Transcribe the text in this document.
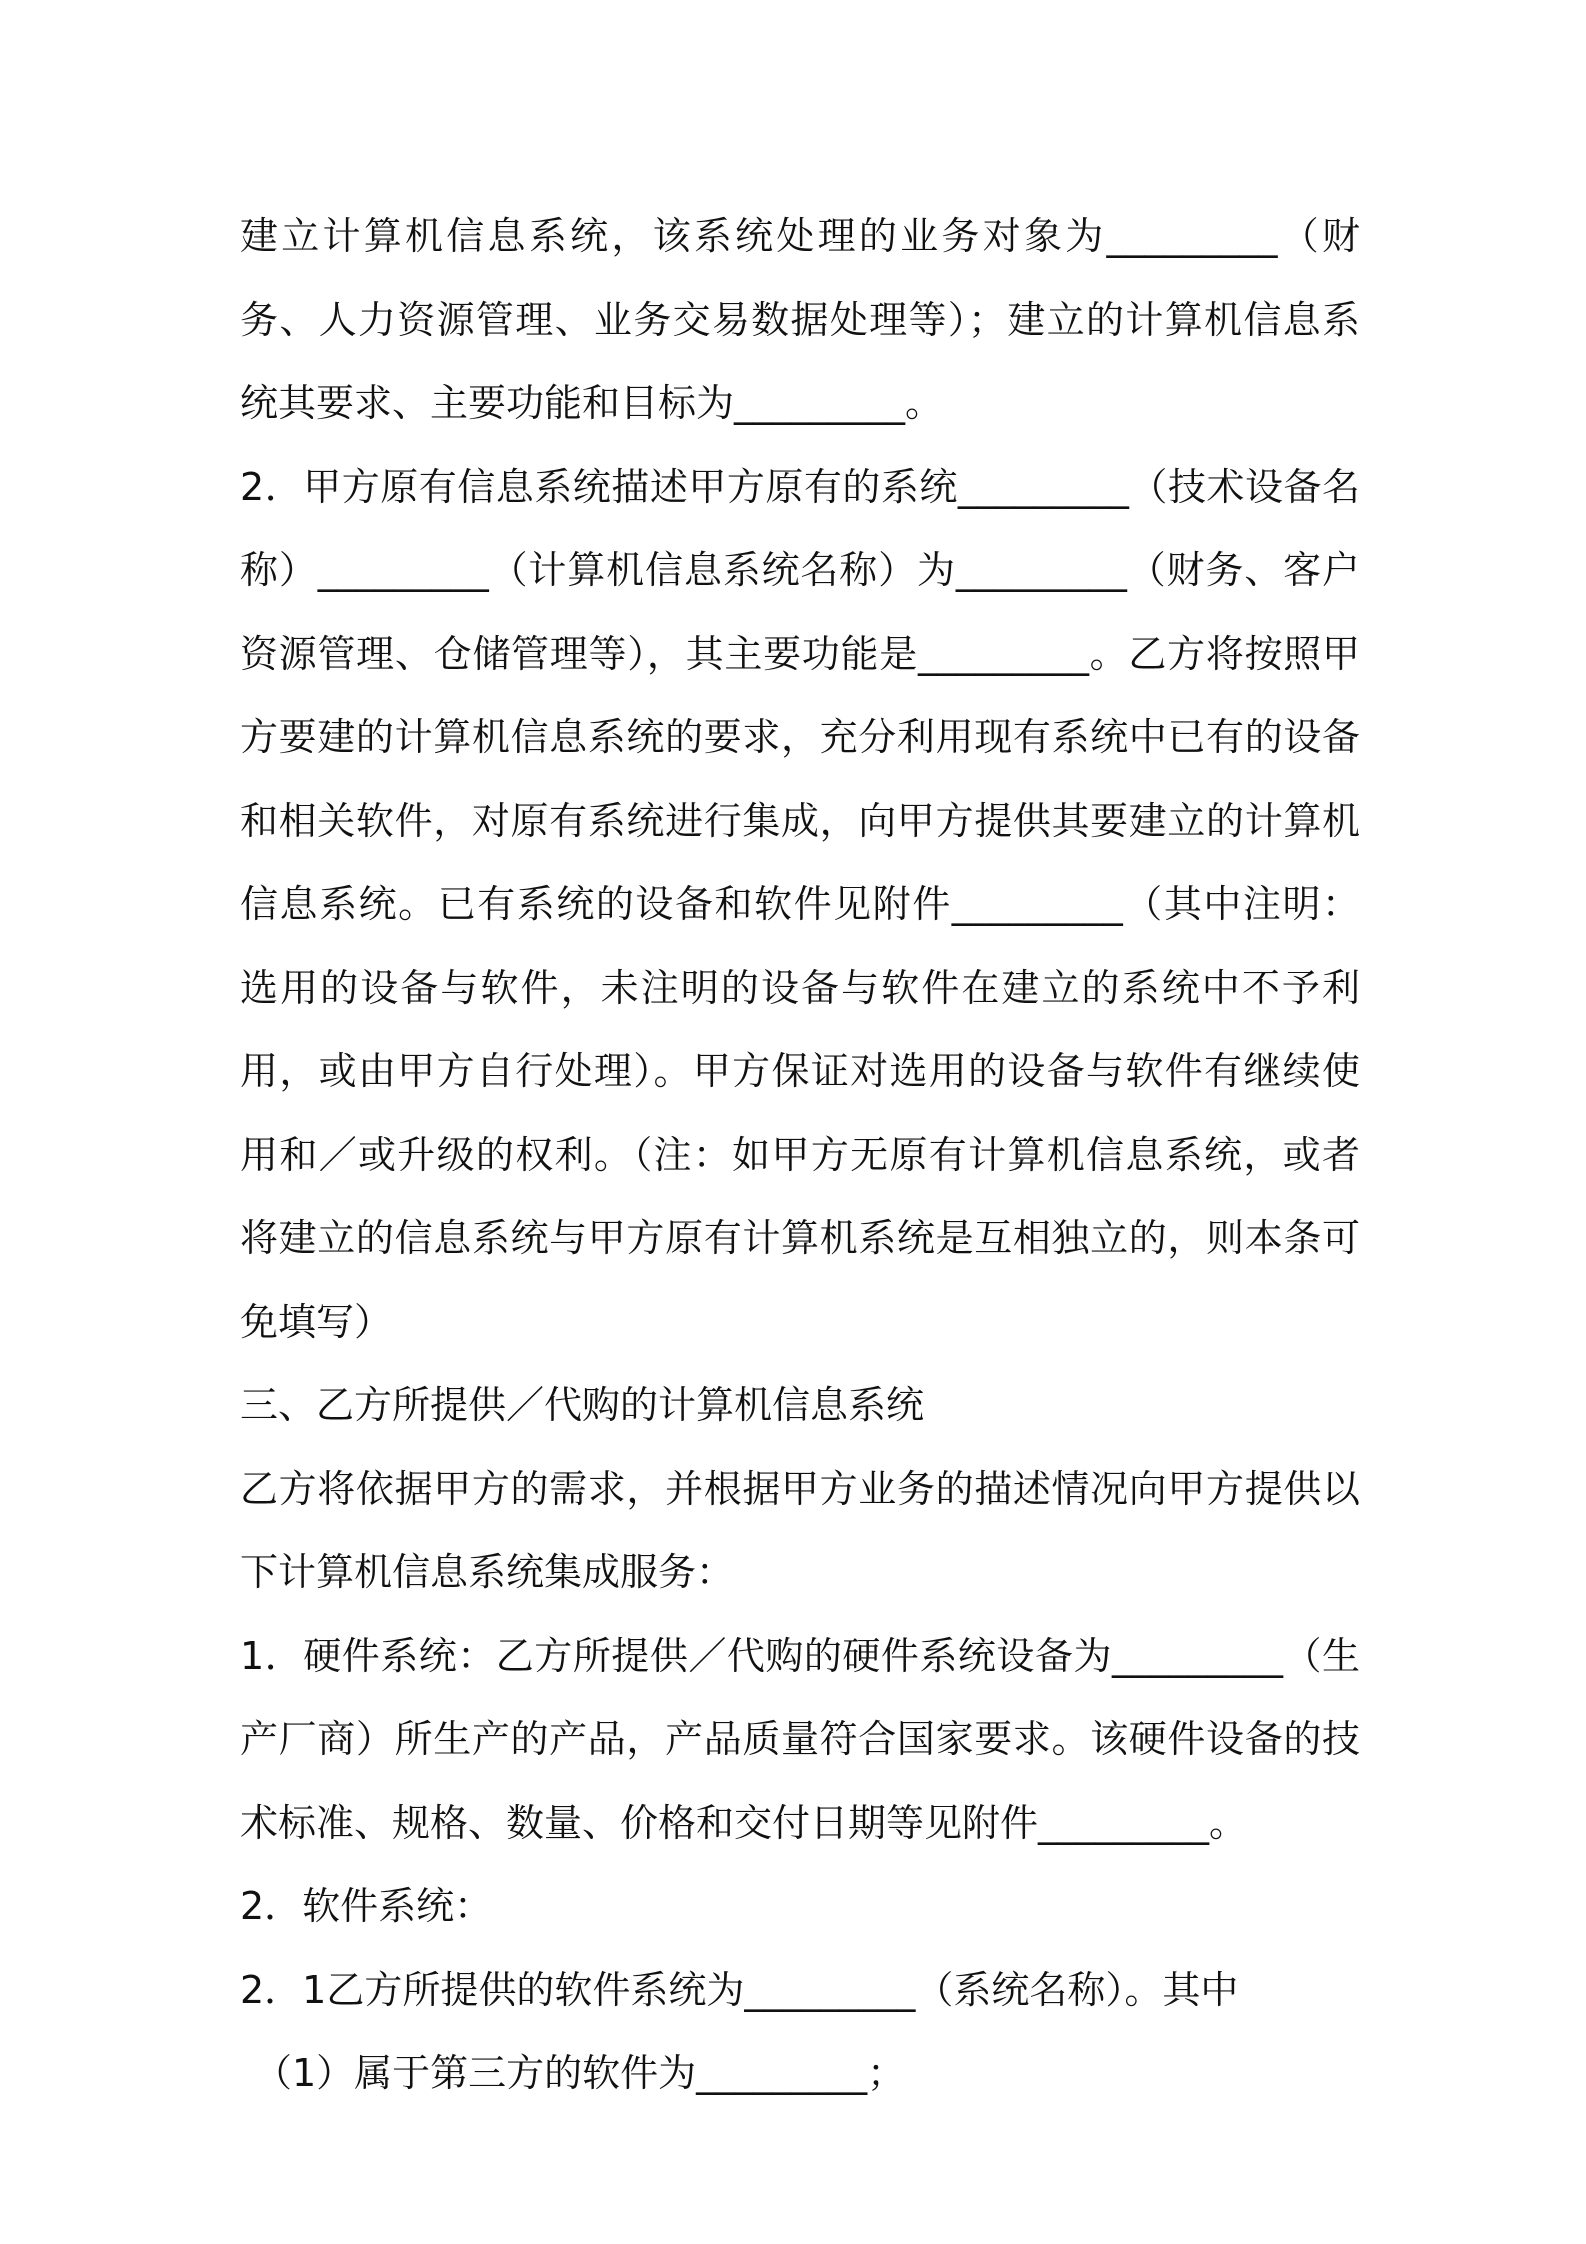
建立计算机信息系统，该系统处理的业务对象为_________（财务、人力资源管理、业务交易数据处理等）；建立的计算机信息系统其要求、主要功能和目标为_________。

2．甲方原有信息系统描述甲方原有的系统_________（技术设备名称）_________（计算机信息系统名称）为_________（财务、客户资源管理、仓储管理等），其主要功能是_________。乙方将按照甲方要建的计算机信息系统的要求，充分利用现有系统中已有的设备和相关软件，对原有系统进行集成，向甲方提供其要建立的计算机信息系统。已有系统的设备和软件见附件_________（其中注明：选用的设备与软件，未注明的设备与软件在建立的系统中不予利用，或由甲方自行处理）。甲方保证对选用的设备与软件有继续使用和／或升级的权利。（注：如甲方无原有计算机信息系统，或者将建立的信息系统与甲方原有计算机系统是互相独立的，则本条可免填写）

三、乙方所提供／代购的计算机信息系统

乙方将依据甲方的需求，并根据甲方业务的描述情况向甲方提供以下计算机信息系统集成服务：

1．硬件系统：乙方所提供／代购的硬件系统设备为_________（生产厂商）所生产的产品，产品质量符合国家要求。该硬件设备的技术标准、规格、数量、价格和交付日期等见附件_________。

2．软件系统：

2．1乙方所提供的软件系统为_________（系统名称）。其中

（1）属于第三方的软件为_________；
